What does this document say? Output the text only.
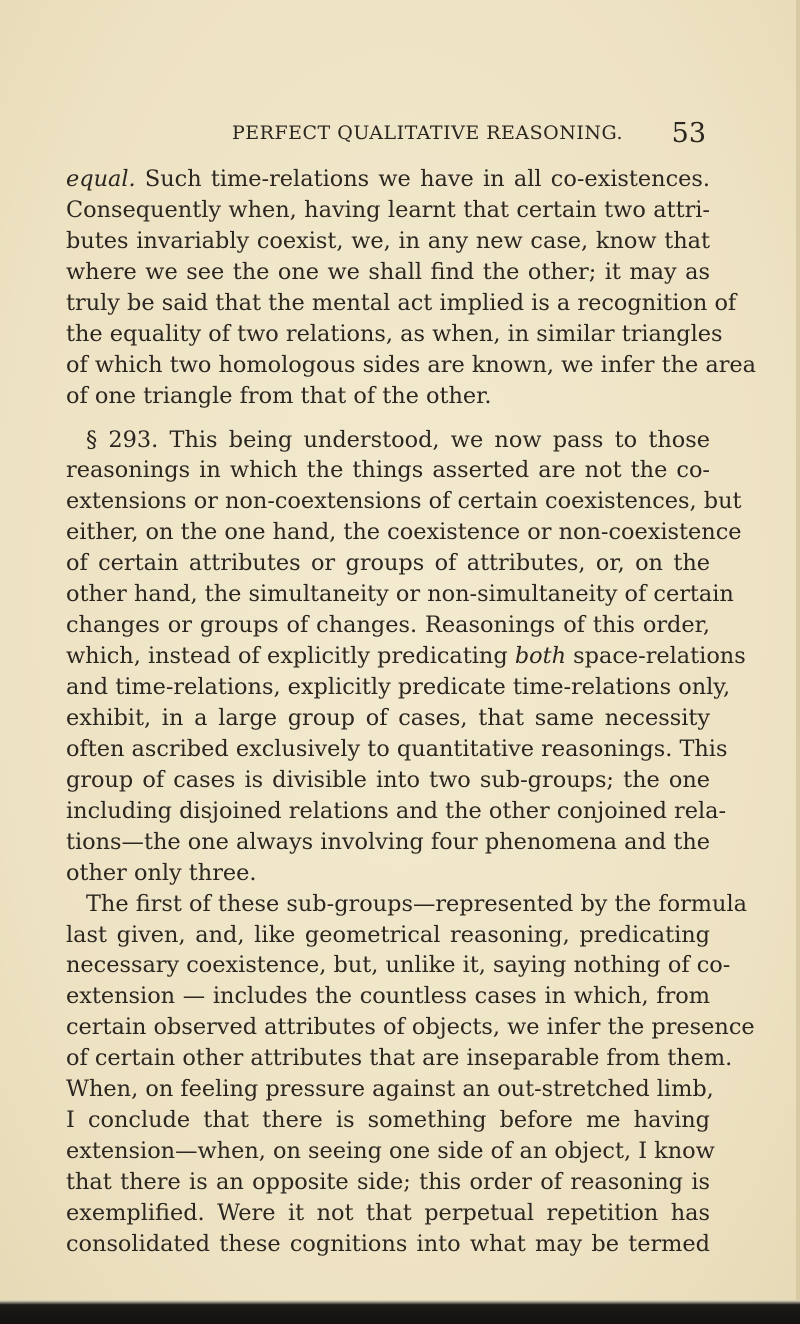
PERFECT QUALITATIVE REASONING. 53
equal. Such time-relations we have in all co-existences.
Consequently when, having learnt that certain two attri-
butes invariably coexist, we, in any new case, know that
where we see the one we shall find the other; it may as
truly be said that the mental act implied is a recognition of
the equality of two relations, as when, in similar triangles
of which two homologous sides are known, we infer the area
of one triangle from that of the other.
§ 293. This being understood, we now pass to those
reasonings in which the things asserted are not the co-
extensions or non-coextensions of certain coexistences, but
either, on the one hand, the coexistence or non-coexistence
of certain attributes or groups of attributes, or, on the
other hand, the simultaneity or non-simultaneity of certain
changes or groups of changes. Reasonings of this order,
which, instead of explicitly predicating both space-relations
and time-relations, explicitly predicate time-relations only,
exhibit, in a large group of cases, that same necessity
often ascribed exclusively to quantitative reasonings. This
group of cases is divisible into two sub-groups; the one
including disjoined relations and the other conjoined rela-
tions—the one always involving four phenomena and the
other only three.
The first of these sub-groups—represented by the formula
last given, and, like geometrical reasoning, predicating
necessary coexistence, but, unlike it, saying nothing of co-
extension — includes the countless cases in which, from
certain observed attributes of objects, we infer the presence
of certain other attributes that are inseparable from them.
When, on feeling pressure against an out-stretched limb,
I conclude that there is something before me having
extension—when, on seeing one side of an object, I know
that there is an opposite side; this order of reasoning is
exemplified. Were it not that perpetual repetition has
consolidated these cognitions into what may be termed
